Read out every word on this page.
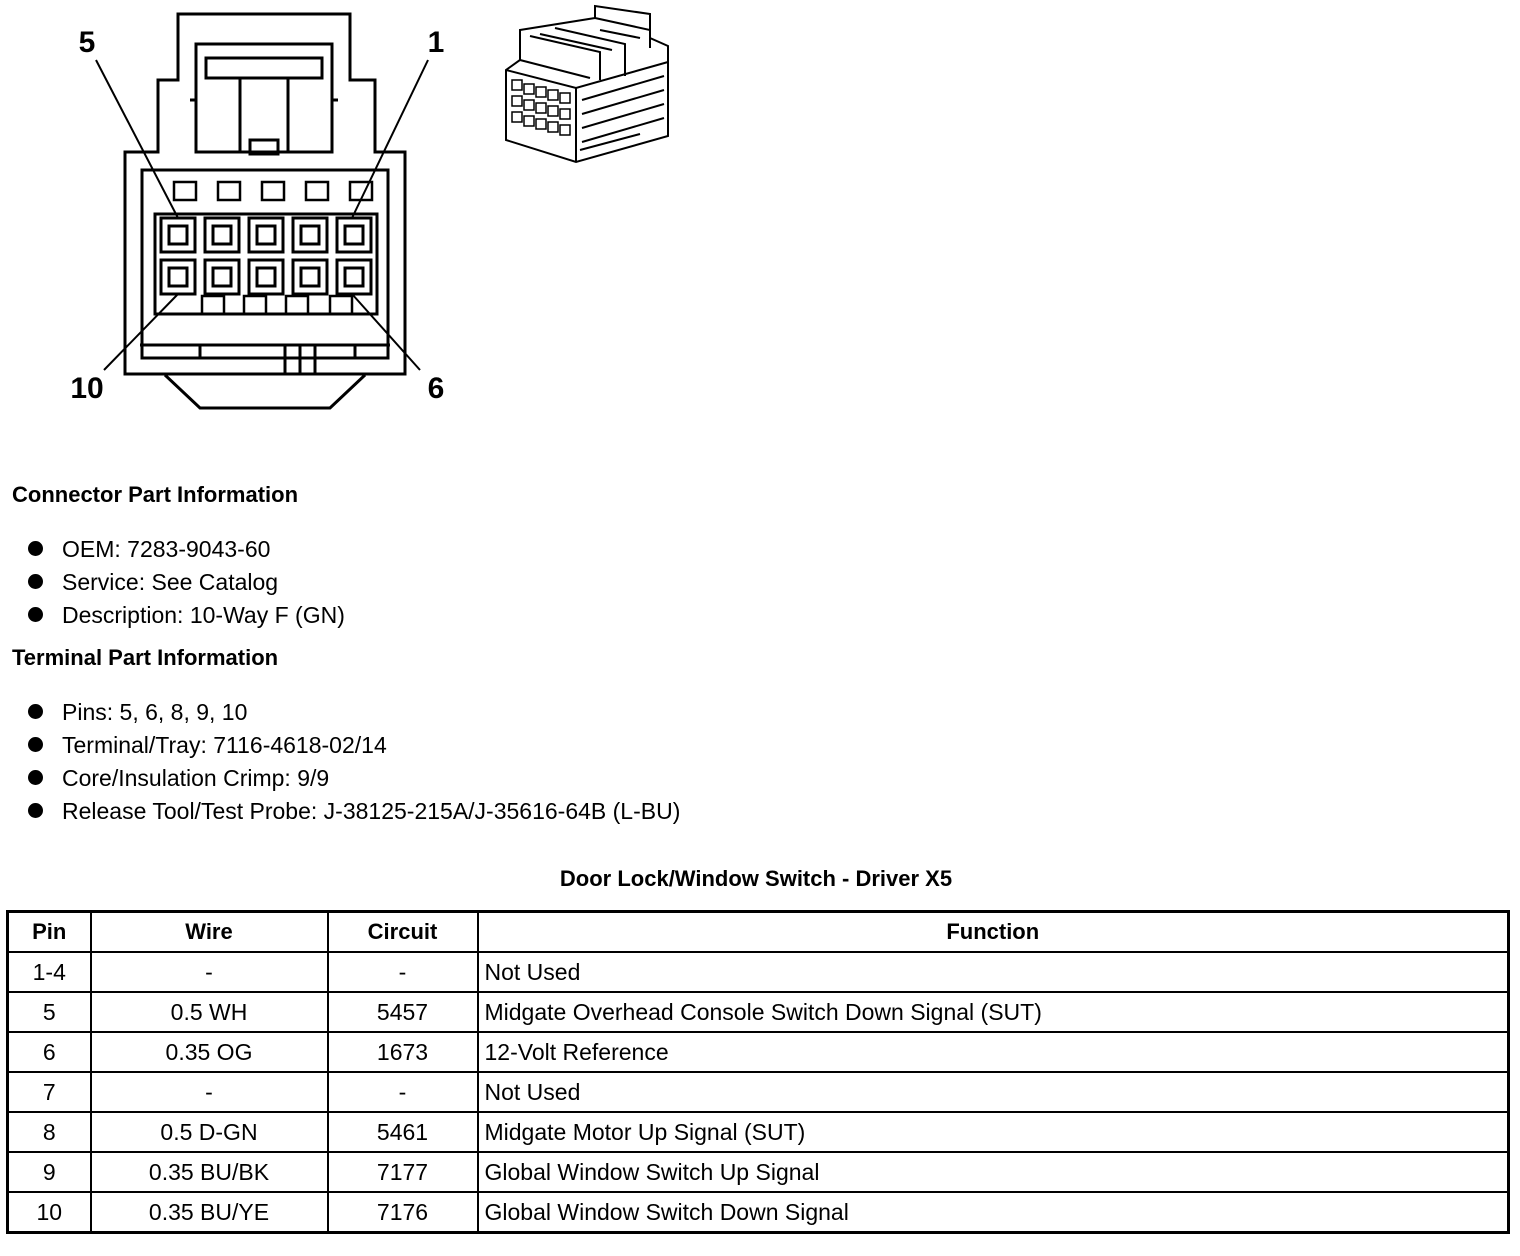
5	1
10	6
Connector Part Information
OEM: 7283-9043-60
Service: See Catalog
Description: 10-Way F (GN)
Terminal Part Information
Pins: 5, 6, 8, 9, 10
Terminal/Tray: 7116-4618-02/14
Core/Insulation Crimp: 9/9
Release Tool/Test Probe: J-38125-215A/J-35616-64B (L-BU)
Door Lock/Window Switch - Driver X5
Pin	Wire	Circuit	Function
1-4	-	-	Not Used
5	0.5 WH	5457	Midgate Overhead Console Switch Down Signal (SUT)
6	0.35 OG	1673	12-Volt Reference
7	-	-	Not Used
8	0.5 D-GN	5461	Midgate Motor Up Signal (SUT)
9	0.35 BU/BK	7177	Global Window Switch Up Signal
10	0.35 BU/YE	7176	Global Window Switch Down Signal
